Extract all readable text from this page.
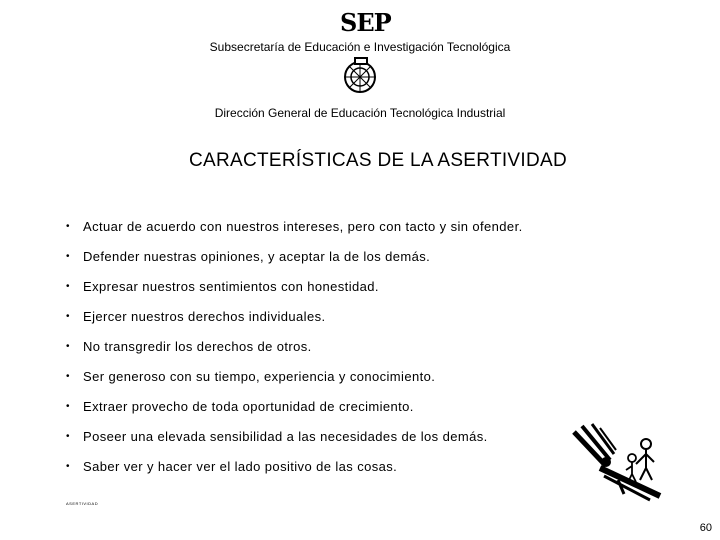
SEP
Subsecretaría de Educación e Investigación Tecnológica
Dirección General de Educación Tecnológica Industrial
CARACTERÍSTICAS DE LA ASERTIVIDAD
• Actuar de acuerdo con nuestros intereses, pero con tacto y sin ofender.
• Defender nuestras opiniones, y aceptar la de los demás.
• Expresar nuestros sentimientos con honestidad.
• Ejercer nuestros derechos individuales.
• No transgredir los derechos de otros.
• Ser generoso con su tiempo, experiencia y conocimiento.
• Extraer provecho de toda oportunidad de crecimiento.
• Poseer una elevada sensibilidad a las necesidades de los demás.
• Saber ver y hacer ver el lado positivo de las cosas.
ASERTIVIDAD
60
